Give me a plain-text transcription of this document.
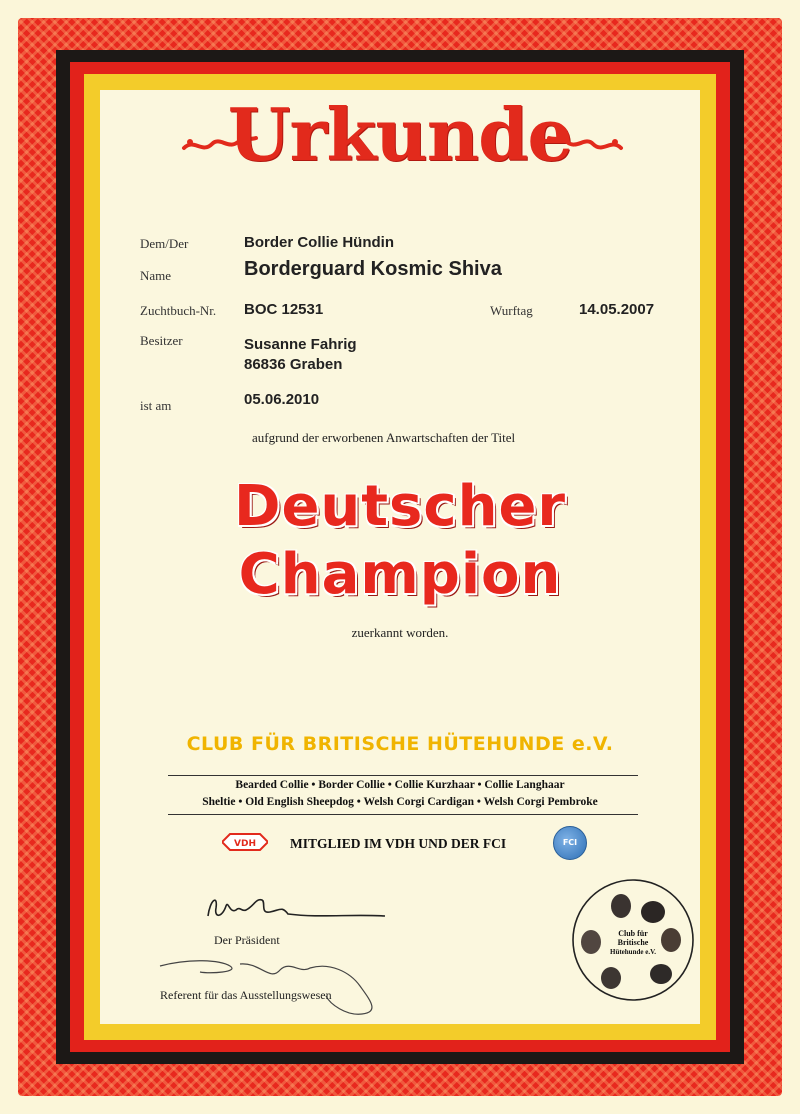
Urkunde
Dem/Der	Border Collie Hündin
Name	Borderguard Kosmic Shiva
Zuchtbuch-Nr. BOC 12531	Wurftag	14.05.2007
Besitzer	Susanne Fahrig
86836 Graben
ist am	05.06.2010
aufgrund der erworbenen Anwartschaften der Titel
Deutscher
Champion
zuerkannt worden.
CLUB FÜR BRITISCHE HÜTEHUNDE e.V.
Bearded Collie • Border Collie • Collie Kurzhaar • Collie Langhaar
Sheltie • Old English Sheepdog • Welsh Corgi Cardigan • Welsh Corgi Pembroke
VDH	MITGLIED IM VDH UND DER FCI	FCI
Der Präsident
Referent für das Ausstellungswesen
Club für
Britische
Hütehunde e.V.
